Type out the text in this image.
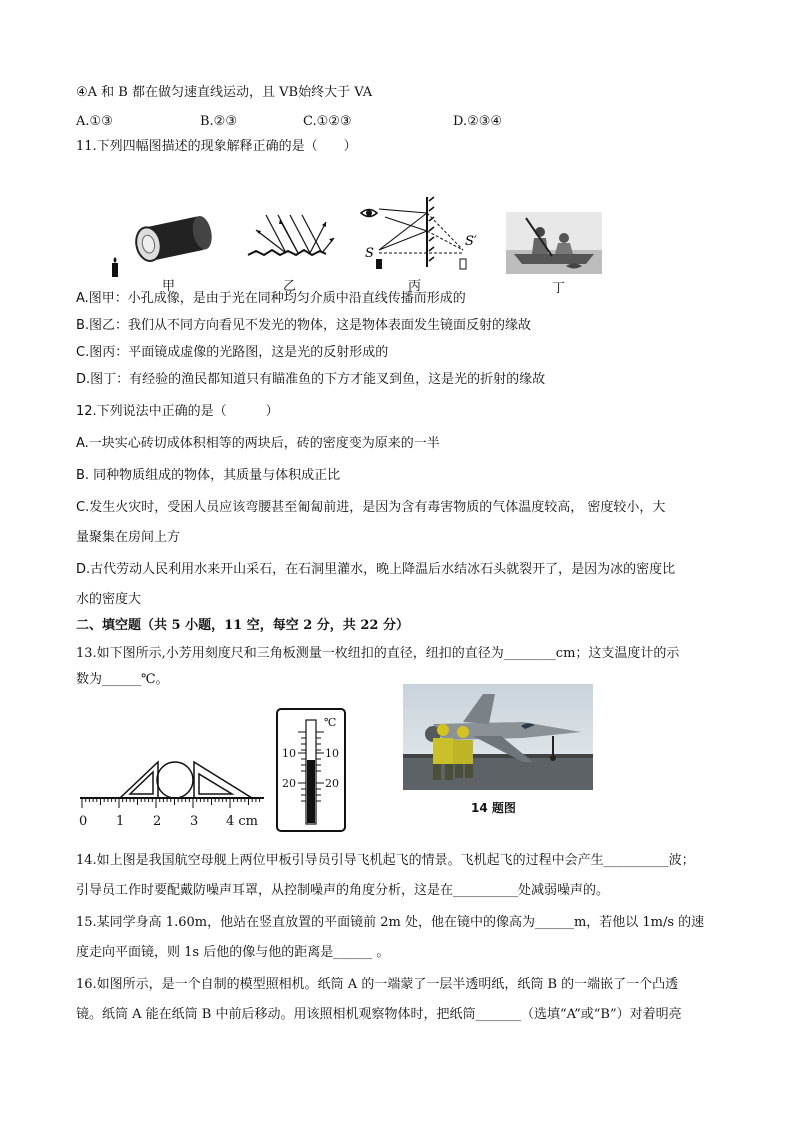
④A 和 B 都在做匀速直线运动，且 VB始终大于 VA
A.①③	B.②③	C.①②③	D.②③④
11.下列四幅图描述的现象解释正确的是（　　）
甲	乙
S
S′
丙	丁
A.图甲：小孔成像，是由于光在同种均匀介质中沿直线传播而形成的
B.图乙：我们从不同方向看见不发光的物体，这是物体表面发生镜面反射的缘故
C.图丙：平面镜成虚像的光路图，这是光的反射形成的
D.图丁：有经验的渔民都知道只有瞄准鱼的下方才能叉到鱼，这是光的折射的缘故
12.下列说法中正确的是（　　　）
A.一块实心砖切成体积相等的两块后，砖的密度变为原来的一半
B. 同种物质组成的物体，其质量与体积成正比
C.发生火灾时，受困人员应该弯腰甚至匍匐前进，是因为含有毒害物质的气体温度较高， 密度较小，大
量聚集在房间上方
D.古代劳动人民利用水来开山采石，在石洞里灌水，晚上降温后水结冰石头就裂开了，是因为冰的密度比
水的密度大
二、填空题（共 5 小题，11 空，每空 2 分，共 22 分）
13.如下图所示,小芳用刻度尺和三角板测量一枚纽扣的直径，纽扣的直径为________cm；这支温度计的示
数为______℃。
0 1 2 3 4 cm
℃
10
20
10
20
14 题图
14.如上图是我国航空母舰上两位甲板引导员引导飞机起飞的情景。飞机起飞的过程中会产生__________波；
引导员工作时要配戴防噪声耳罩，从控制噪声的角度分析，这是在__________处减弱噪声的。
15.某同学身高 1.60m，他站在竖直放置的平面镜前 2m 处，他在镜中的像高为______m，若他以 1m/s 的速
度走向平面镜，则 1s 后他的像与他的距离是______ 。
16.如图所示，是一个自制的模型照相机。纸筒 A 的一端蒙了一层半透明纸，纸筒 B 的一端嵌了一个凸透
镜。纸筒 A 能在纸筒 B 中前后移动。用该照相机观察物体时，把纸筒_______（选填“A”或“B”）对着明亮
